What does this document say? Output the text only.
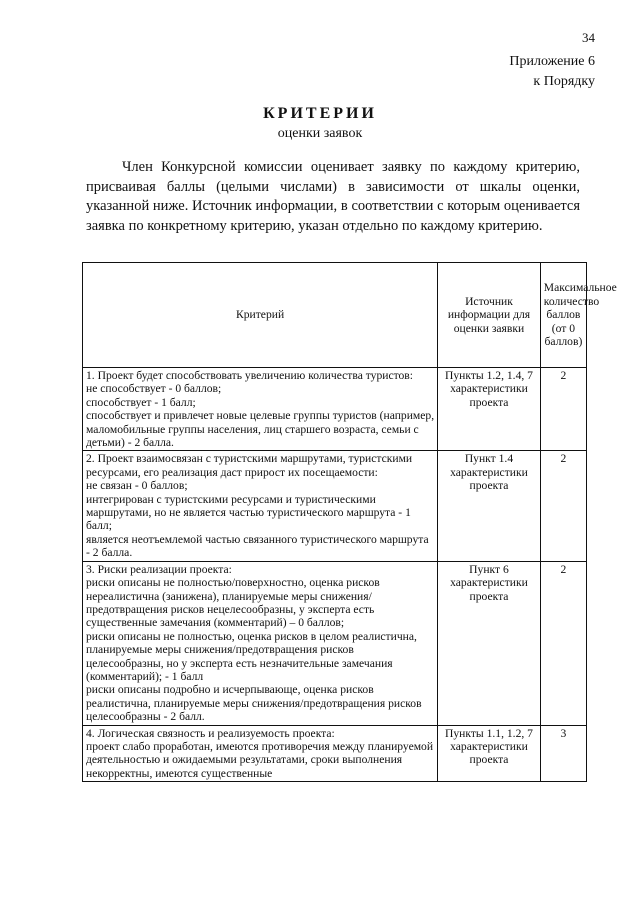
34
Приложение 6
к Порядку
КРИТЕРИИ
оценки заявок

Член Конкурсной комиссии оценивает заявку по каждому критерию, присваивая баллы (целыми числами) в зависимости от шкалы оценки, указанной ниже. Источник информации, в соответствии с которым оценивается заявка по конкретному критерию, указан отдельно по каждому критерию.

Критерий	Источник информации для оценки заявки	Максимальное количество баллов (от 0 баллов)

1. Проект будет способствовать увеличению количества туристов:
не способствует - 0 баллов;
способствует - 1 балл;
способствует и привлечет новые целевые группы туристов (например, маломобильные группы населения, лиц старшего возраста, семьи с детьми) - 2 балла.	Пункты 1.2, 1.4, 7 характеристики проекта	2

2. Проект взаимосвязан с туристскими маршрутами, туристскими ресурсами, его реализация даст прирост их посещаемости:
не связан - 0 баллов;
интегрирован с туристскими ресурсами и туристическими маршрутами, но не является частью туристического маршрута - 1 балл;
является неотъемлемой частью связанного туристического маршрута - 2 балла.	Пункт 1.4 характеристики проекта	2

3. Риски реализации проекта:
риски описаны не полностью/поверхностно, оценка рисков нереалистична (занижена), планируемые меры снижения/предотвращения рисков нецелесообразны, у эксперта есть существенные замечания (комментарий) – 0 баллов;
риски описаны не полностью, оценка рисков в целом реалистична, планируемые меры снижения/предотвращения рисков целесообразны, но у эксперта есть незначительные замечания (комментарий); - 1 балл
риски описаны подробно и исчерпывающе, оценка рисков реалистична, планируемые меры снижения/предотвращения рисков целесообразны - 2 балл.	Пункт 6 характеристики проекта	2

4. Логическая связность и реализуемость проекта:
проект слабо проработан, имеются противоречия между планируемой деятельностью и ожидаемыми результатами, сроки выполнения некорректны, имеются существенные	Пункты 1.1, 1.2, 7 характеристики проекта	3
